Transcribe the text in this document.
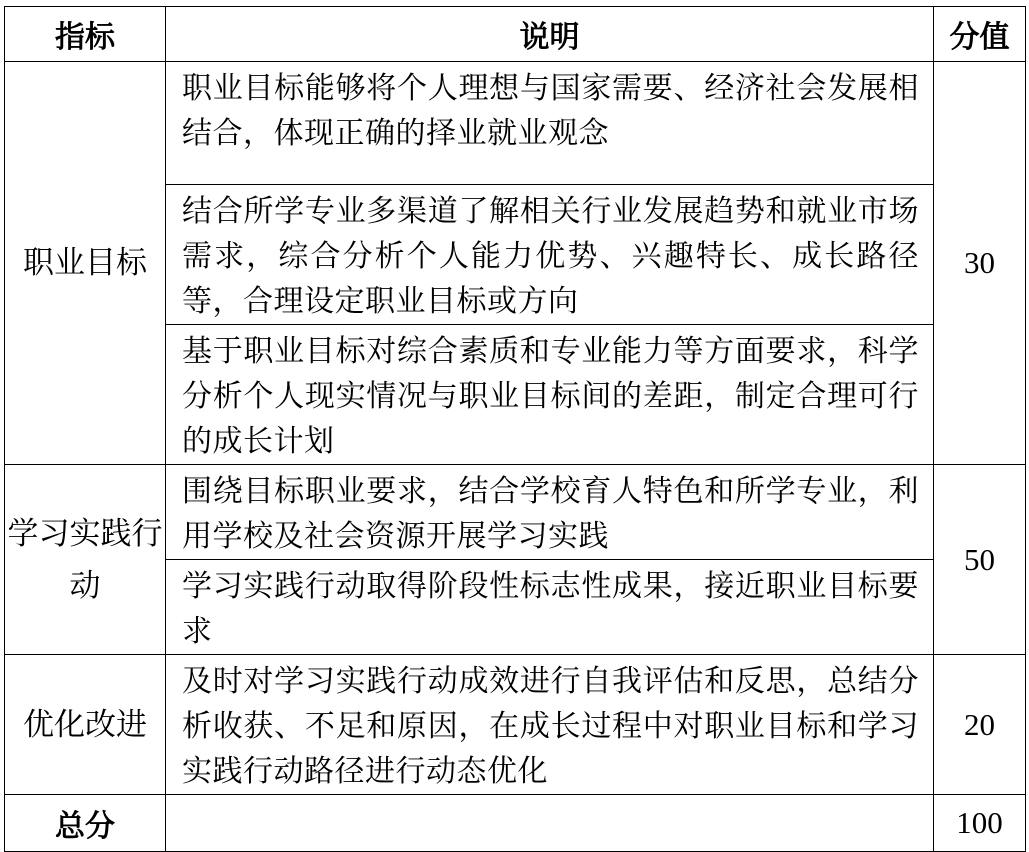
指标	说明	分值
职业目标	职业目标能够将个人理想与国家需要、经济社会发展相结合，体现正确的择业就业观念	30
	结合所学专业多渠道了解相关行业发展趋势和就业市场需求，综合分析个人能力优势、兴趣特长、成长路径等，合理设定职业目标或方向	
	基于职业目标对综合素质和专业能力等方面要求，科学分析个人现实情况与职业目标间的差距，制定合理可行的成长计划	
学习实践行动	围绕目标职业要求，结合学校育人特色和所学专业，利用学校及社会资源开展学习实践	50
	学习实践行动取得阶段性标志性成果，接近职业目标要求	
优化改进	及时对学习实践行动成效进行自我评估和反思，总结分析收获、不足和原因，在成长过程中对职业目标和学习实践行动路径进行动态优化	20
总分		100
